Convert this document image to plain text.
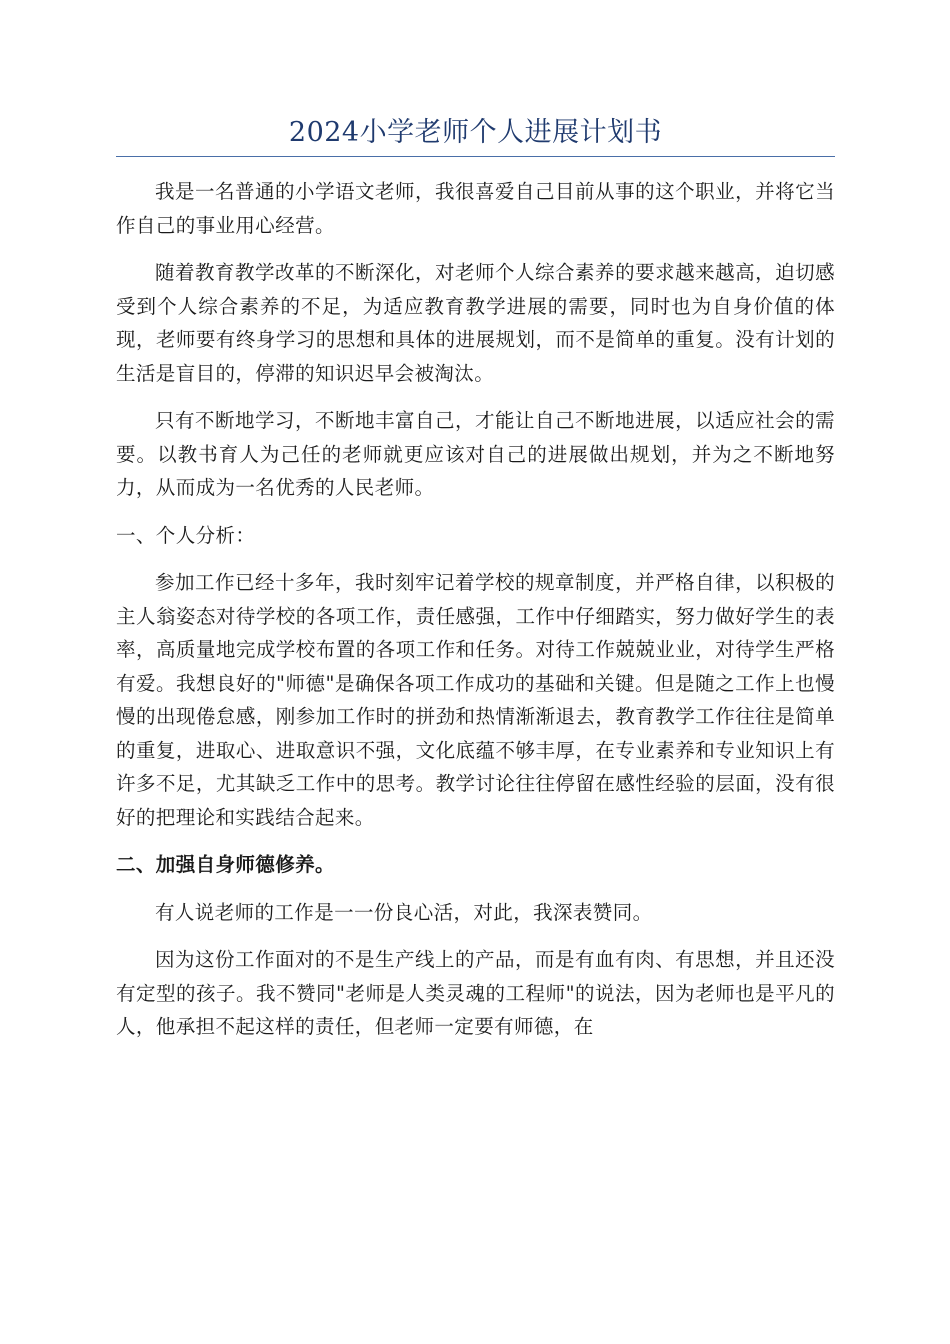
2024小学老师个人进展计划书

我是一名普通的小学语文老师，我很喜爱自己目前从事的这个职业，并将它当作自己的事业用心经营。

随着教育教学改革的不断深化，对老师个人综合素养的要求越来越高，迫切感受到个人综合素养的不足，为适应教育教学进展的需要，同时也为自身价值的体现，老师要有终身学习的思想和具体的进展规划，而不是简单的重复。没有计划的生活是盲目的，停滞的知识迟早会被淘汰。

只有不断地学习，不断地丰富自己，才能让自己不断地进展，以适应社会的需要。以教书育人为己任的老师就更应该对自己的进展做出规划，并为之不断地努力，从而成为一名优秀的人民老师。

一、个人分析：

参加工作已经十多年，我时刻牢记着学校的规章制度，并严格自律，以积极的主人翁姿态对待学校的各项工作，责任感强，工作中仔细踏实，努力做好学生的表率，高质量地完成学校布置的各项工作和任务。对待工作兢兢业业，对待学生严格有爱。我想良好的"师德"是确保各项工作成功的基础和关键。但是随之工作上也慢慢的出现倦怠感，刚参加工作时的拼劲和热情渐渐退去，教育教学工作往往是简单的重复，进取心、进取意识不强，文化底蕴不够丰厚，在专业素养和专业知识上有许多不足，尤其缺乏工作中的思考。教学讨论往往停留在感性经验的层面，没有很好的把理论和实践结合起来。

二、加强自身师德修养。

有人说老师的工作是一一份良心活，对此，我深表赞同。

因为这份工作面对的不是生产线上的产品，而是有血有肉、有思想，并且还没有定型的孩子。我不赞同"老师是人类灵魂的工程师"的说法，因为老师也是平凡的人，他承担不起这样的责任，但老师一定要有师德，在
